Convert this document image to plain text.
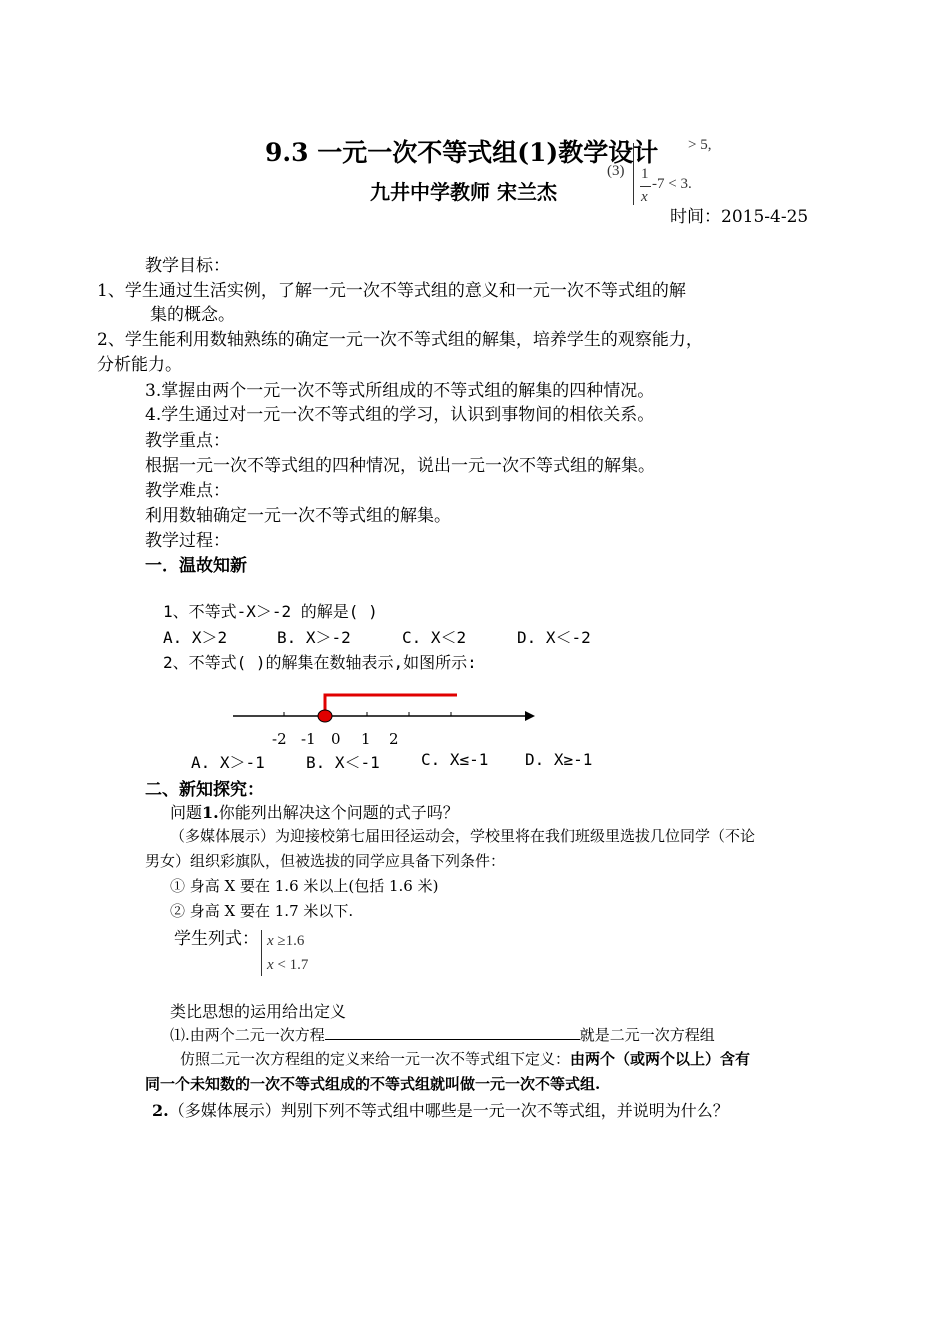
9.3 一元一次不等式组(1)教学设计
(3)
> 5,
1
x
-7 < 3.
九井中学教师 宋兰杰
时间：2015-4-25
教学目标：
1、学生通过生活实例，了解一元一次不等式组的意义和一元一次不等式组的解
集的概念。
2、学生能利用数轴熟练的确定一元一次不等式组的解集，培养学生的观察能力，
分析能力。
3.掌握由两个一元一次不等式所组成的不等式组的解集的四种情况。
4.学生通过对一元一次不等式组的学习，认识到事物间的相依关系。
教学重点：
根据一元一次不等式组的四种情况，说出一元一次不等式组的解集。
教学难点：
利用数轴确定一元一次不等式组的解集。
教学过程：
一．温故知新
1、不等式-X＞-2 的解是( )
A. X＞2	B. X＞-2	C. X＜2	D. X＜-2
2、不等式( )的解集在数轴表示,如图所示:
-2 -1 0 1 2
A. X＞-1	B. X＜-1	C. X≤-1 D. X≥-1
二、新知探究：
问题1.你能列出解决这个问题的式子吗？
（多媒体展示）为迎接校第七届田径运动会，学校里将在我们班级里选拔几位同学（不论
男女）组织彩旗队，但被选拔的同学应具备下列条件：
① 身高 X 要在 1.6 米以上(包括 1.6 米)
② 身高 X 要在 1.7 米以下.
学生列式： x ≥1.6
x < 1.7
类比思想的运用给出定义
⑴.由两个二元一次方程	就是二元一次方程组
仿照二元一次方程组的定义来给一元一次不等式组下定义：由两个（或两个以上）含有
同一个未知数的一次不等式组成的不等式组就叫做一元一次不等式组.
2.（多媒体展示）判别下列不等式组中哪些是一元一次不等式组，并说明为什么？
